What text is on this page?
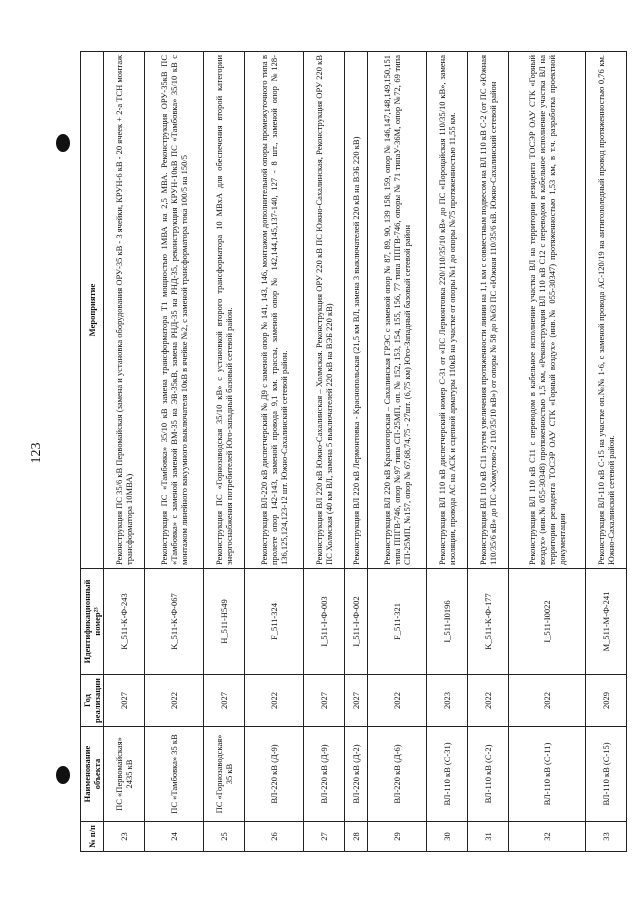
123
№ п/п	Наименование объекта	Год реализации	Идентификационный номер²³	Мероприятие
23	ПС «Первомайская» 2435 кВ	2027	K_511-К-Ф-243	Реконструкция ПС 35/6 кВ Первомайская (замена и установка оборудования ОРУ-35 кВ - 3 ячейки, КРУН-6 кВ - 20 ячеек + 2-а ТСН монтаж трансформатора 10МВА)
24	ПС «Тамбовка» 35 кВ	2022	K_511-К-Ф-067	Реконструкция ПС «Тамбовка» 35/10 кВ замена трансформатора Т1 мощностью 1МВА на 2,5 МВА. Реконструкция ОРУ-35кВ ПС «Тамбовка» с заменой заменой ВМ-35 на ЭВ-35кВ, замена РНД-35 на РНД-35, реконструкция КРУН-10кВ ПС «Тамбовка» 35/10 кВ с монтажом линейного вакуумного выключателя 10кВ в ячейке №2, с заменой трансформатора тока 100/5 на 150/5
25	ПС «Горнозаводская» 35 кВ	2027	H_511-H549	Реконструкция ПС «Горнозаводская 35/10 кВ» с установкой второго трансформатора 10 МВхА для обеспечения второй категории энергоснабжения потребителей Юго-западный базовый сетевой район.
26	ВЛ-220 кВ (Д-9)	2022	F_511-324	Реконструкция ВЛ-220 кВ диспетчерский № Д9 с заменой опор № 141, 143, 146, монтажом дополнительной опоры промежуточного типа в пролете опор 142-143, заменой провода 9,1 км. трассы, заменой опор № 142,144,145,137-140, 127 - 8 шт., заменой опор №128-136,125,124,123-12 шт. Южно-Сахалинский сетевой район.
27	ВЛ-220 кВ (Д-9)	2027	I_511-I-Ф-003	Реконструкция ВЛ 220 кВ Южно-Сахалинская – Холмская. Реконструкция ОРУ 220 кВ ПС Южно-Сахалинская, Реконструкция ОРУ 220 кВ ПС Холмская (40 км ВЛ, замена 5 выключателей 220 кВ на ВЭБ 220 кВ)
28	ВЛ-220 кВ (Д-2)	2027	I_511-I-Ф-002	Реконструкция ВЛ 220 кВ Лермонтовка - Краснопольская (21,5 км ВЛ, замена 3 выключателей 220 кВ на ВЭБ 220 кВ)
29	ВЛ-220 кВ (Д-6)	2022	F_511-321	Реконструкция ВЛ 220 кВ Красногорская – Сахалинская ГРЭС с заменой опор № 87, 89, 90, 139 158, 159, опор № 146,147,148,149,150,151 типа ППГВ-746, опор №97 типа СП-25МП, оп. № 152, 153, 154, 155, 156, 77 типа ППГВ-746, опоры № 71 типаУ-36М, опор №72, 69 типа СП-25МП, №157, опор № 67,68,74,75 - 27шт. (6,75 км) Юго-Западный базовый сетевой район
30	ВЛ-110 кВ (С-31)	2023	I_511-I0196	Реконструкция ВЛ 110 кВ диспетчерский номер С-31 от «ПС Лермонтовка 220/110/35/10 кВ» до ПС «Пороцайская 110/35/10 кВ», замена изоляции, провода АС на АСК и сцепной арматуры 110кВ на участке от опоры №1 до опоры №75 протяженностью 11,55 км.
31	ВЛ-110 кВ (С-2)	2022	K_511-К-Ф-177	Реконструкция ВЛ 110 кВ С11 путем увеличения протяженности линии на 1,1 км с совместным подвесом на ВЛ 110 кВ С-2 (от ПС «Южная 110/35/6 кВ» до ПС «Хомутово-2 110/35/10 кВ») от опоры № 58 до №63 ПС «Южная 110/35/6 кВ. Южно-Сахалинский сетевой район
32	ВЛ-110 кВ (С-11)	2022	I_511-I0022	Реконструкция ВЛ 110 кВ С11 с переводом в кабельное исполнение участка ВЛ на территории резидента ТОСЭР ОАУ СТК «Горный воздух» (инв.№ 055-30348) протяженностью 1,5 км, «Реконструкция ВЛ 110 кВ С12 с переводом в кабельное исполнение участка ВЛ на территории резидента ТОСЭР ОАУ СТК «Горный воздух» (инв.№ 055-30347) протяженностью 1,53 км, в т.ч. разработка проектной документации
33	ВЛ-110 кВ (С-15)	2029	M_511-М-Ф-241	Реконструкция ВЛ-110 кВ С-15 на участке оп.№№ 1-6, с заменой провода АС-120/19 на антигололедный провод протяженностью 0,76 км. Южно-Сахалинский сетевой район.
